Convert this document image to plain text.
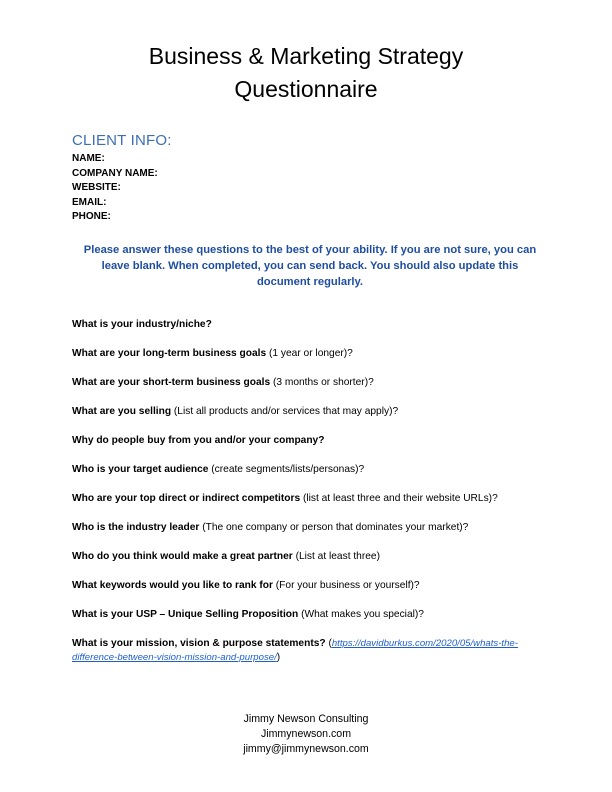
Business & Marketing Strategy
Questionnaire
CLIENT INFO:
NAME:
COMPANY NAME:
WEBSITE:
EMAIL:
PHONE:
Please answer these questions to the best of your ability. If you are not sure, you can leave blank. When completed, you can send back. You should also update this document regularly.
What is your industry/niche?
What are your long-term business goals (1 year or longer)?
What are your short-term business goals (3 months or shorter)?
What are you selling (List all products and/or services that may apply)?
Why do people buy from you and/or your company?
Who is your target audience (create segments/lists/personas)?
Who are your top direct or indirect competitors (list at least three and their website URLs)?
Who is the industry leader (The one company or person that dominates your market)?
Who do you think would make a great partner (List at least three)
What keywords would you like to rank for (For your business or yourself)?
What is your USP – Unique Selling Proposition (What makes you special)?
What is your mission, vision & purpose statements? (https://davidburkus.com/2020/05/whats-the-difference-between-vision-mission-and-purpose/)
Jimmy Newson Consulting
Jimmynewson.com
jimmy@jimmynewson.com
